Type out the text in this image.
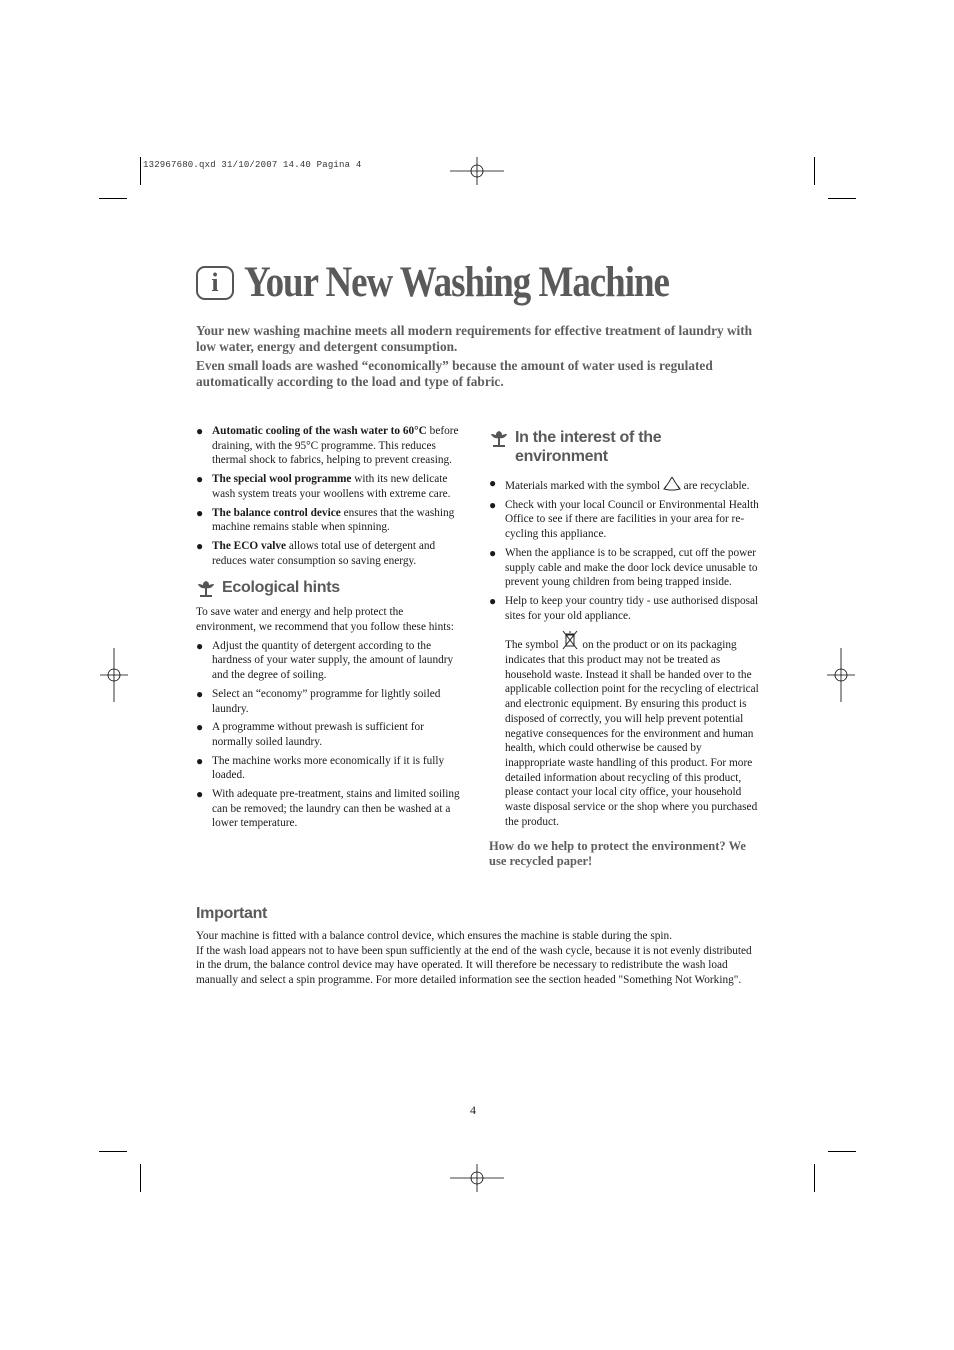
132967680.qxd 31/10/2007 14.40 Pagina 4
i Your New Washing Machine

Your new washing machine meets all modern requirements for effective treatment of laundry with low water, energy and detergent consumption.

Even small loads are washed “economically” because the amount of water used is regulated automatically according to the load and type of fabric.

● Automatic cooling of the wash water to 60°C before draining, with the 95°C programme. This reduces thermal shock to fabrics, helping to prevent creasing.
● The special wool programme with its new delicate wash system treats your woollens with extreme care.
● The balance control device ensures that the washing machine remains stable when spinning.
● The ECO valve allows total use of detergent and reduces water consumption so saving energy.
Ecological hints

To save water and energy and help protect the environment, we recommend that you follow these hints:

● Adjust the quantity of detergent according to the hardness of your water supply, the amount of laundry and the degree of soiling.
● Select an “economy” programme for lightly soiled laundry.
● A programme without prewash is sufficient for normally soiled laundry.
● The machine works more economically if it is fully loaded.
● With adequate pre-treatment, stains and limited soiling can be removed; the laundry can then be washed at a lower temperature.
In the interest of the environment
● Materials marked with the symbol are recyclable.
● Check with your local Council or Environmental Health Office to see if there are facilities in your area for re-cycling this appliance.
● When the appliance is to be scrapped, cut off the power supply cable and make the door lock device unusable to prevent young children from being trapped inside.
● Help to keep your country tidy - use authorised disposal sites for your old appliance.

The symbol on the product or on its packaging indicates that this product may not be treated as household waste. Instead it shall be handed over to the applicable collection point for the recycling of electrical and electronic equipment. By ensuring this product is disposed of correctly, you will help prevent potential negative consequences for the environment and human health, which could otherwise be caused by inappropriate waste handling of this product. For more detailed information about recycling of this product, please contact your local city office, your household waste disposal service or the shop where you purchased the product.

How do we help to protect the environment? We use recycled paper!

Important

Your machine is fitted with a balance control device, which ensures the machine is stable during the spin.

If the wash load appears not to have been spun sufficiently at the end of the wash cycle, because it is not evenly distributed in the drum, the balance control device may have operated. It will therefore be necessary to redistribute the wash load manually and select a spin programme. For more detailed information see the section headed "Something Not Working".

4
